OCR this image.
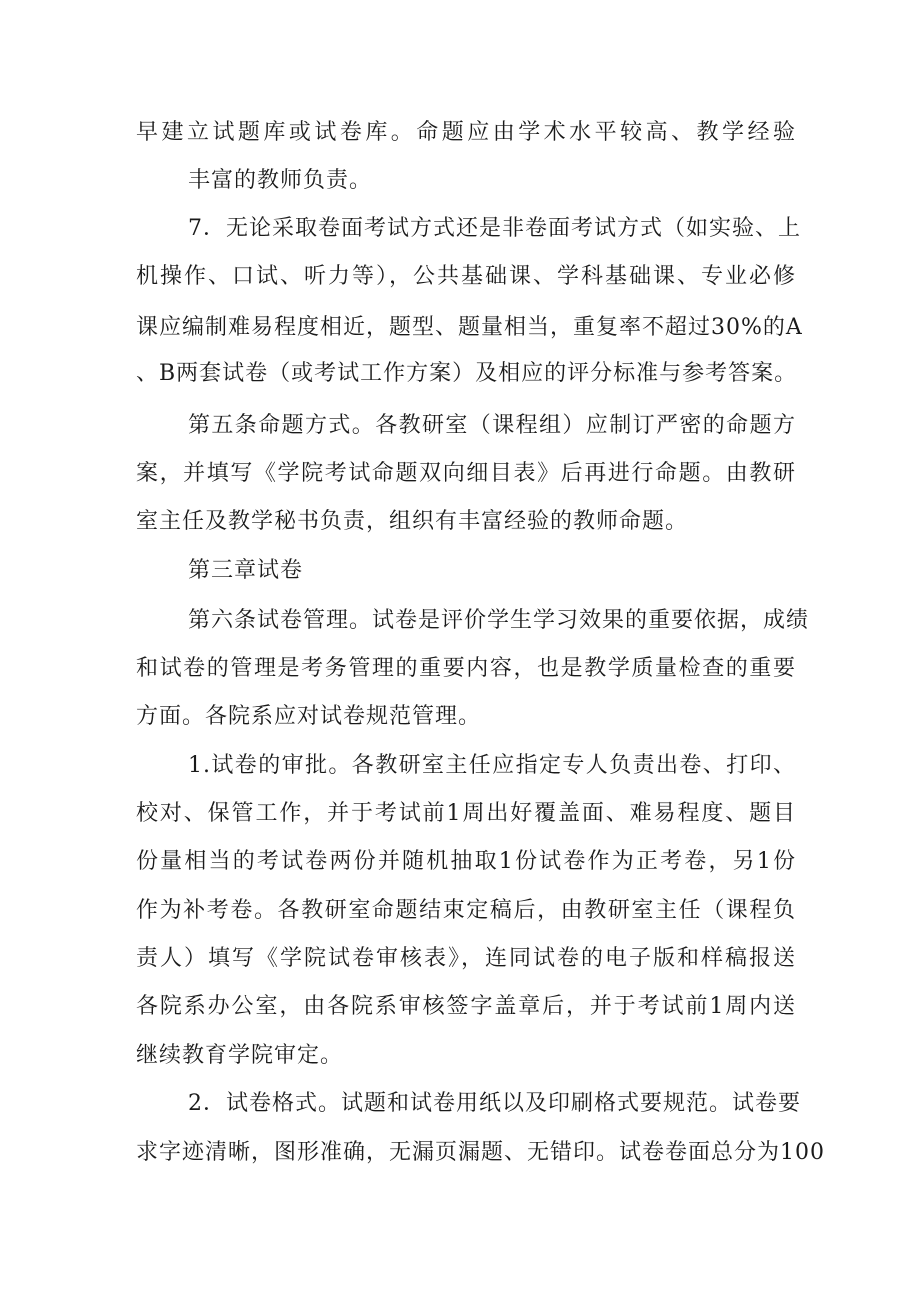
早建立试题库或试卷库。命题应由学术水平较高、教学经验
丰富的教师负责。
7．无论采取卷面考试方式还是非卷面考试方式（如实验、上
机操作、口试、听力等），公共基础课、学科基础课、专业必修
课应编制难易程度相近，题型、题量相当，重复率不超过30%的A
、B两套试卷（或考试工作方案）及相应的评分标准与参考答案。
第五条命题方式。各教研室（课程组）应制订严密的命题方
案，并填写《学院考试命题双向细目表》后再进行命题。由教研
室主任及教学秘书负责，组织有丰富经验的教师命题。
第三章试卷
第六条试卷管理。试卷是评价学生学习效果的重要依据，成绩
和试卷的管理是考务管理的重要内容，也是教学质量检查的重要
方面。各院系应对试卷规范管理。
1.试卷的审批。各教研室主任应指定专人负责出卷、打印、
校对、保管工作，并于考试前1周出好覆盖面、难易程度、题目
份量相当的考试卷两份并随机抽取1份试卷作为正考卷，另1份
作为补考卷。各教研室命题结束定稿后，由教研室主任（课程负
责人）填写《学院试卷审核表》，连同试卷的电子版和样稿报送
各院系办公室，由各院系审核签字盖章后，并于考试前1周内送
继续教育学院审定。
2．试卷格式。试题和试卷用纸以及印刷格式要规范。试卷要
求字迹清晰，图形准确，无漏页漏题、无错印。试卷卷面总分为100
